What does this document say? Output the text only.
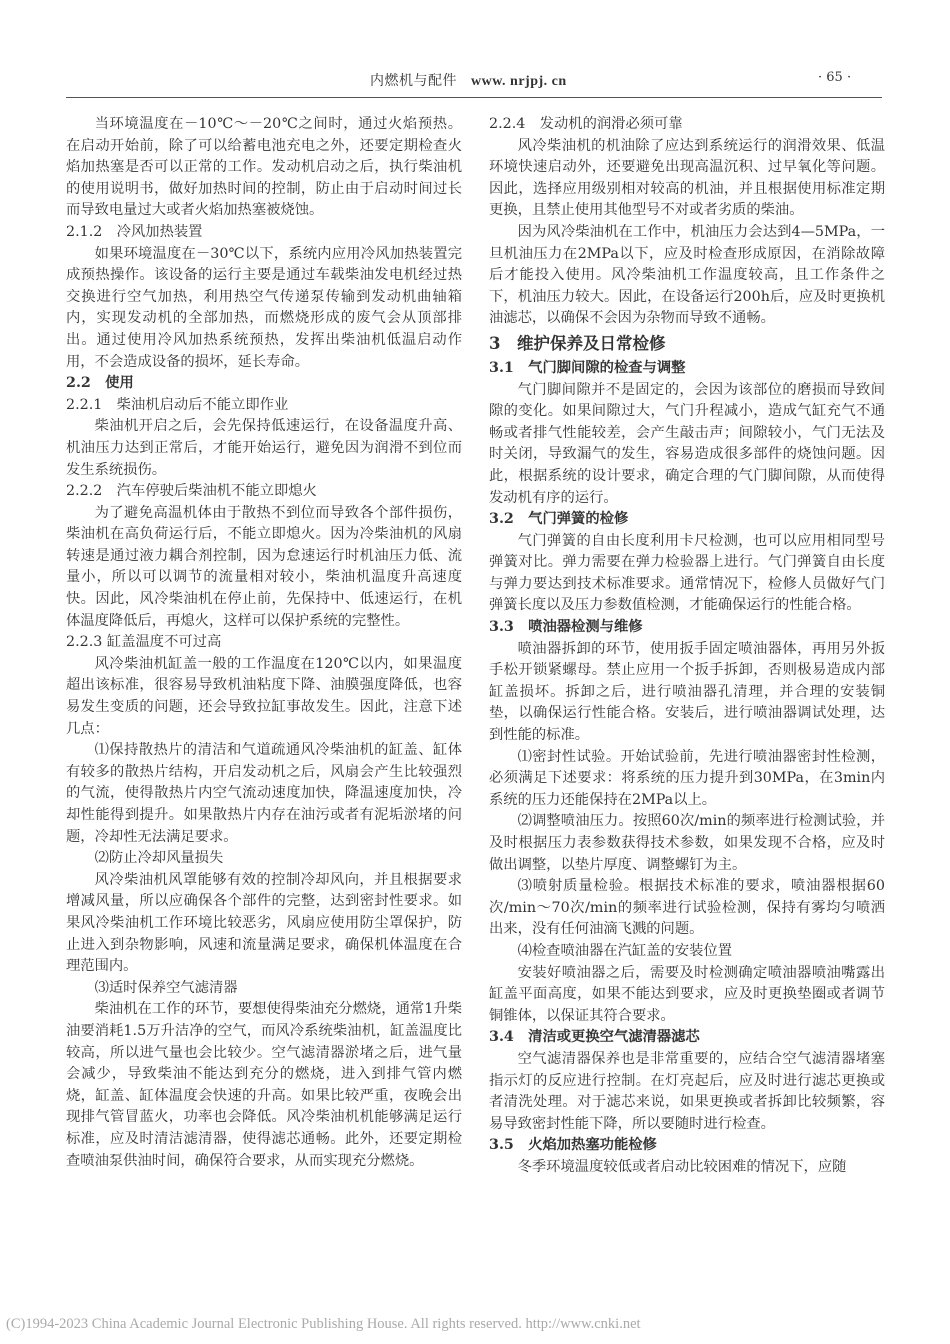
内燃机与配件 www. nrjpj. cn	· 65 ·

当环境温度在－10℃～－20℃之间时，通过火焰预热。在启动开始前，除了可以给蓄电池充电之外，还要定期检查火焰加热塞是否可以正常的工作。发动机启动之后，执行柴油机的使用说明书，做好加热时间的控制，防止由于启动时间过长而导致电量过大或者火焰加热塞被烧蚀。

2.1.2　冷风加热装置

如果环境温度在－30℃以下，系统内应用冷风加热装置完成预热操作。该设备的运行主要是通过车载柴油发电机经过热交换进行空气加热，利用热空气传递泵传输到发动机曲轴箱内，实现发动机的全部加热，而燃烧形成的废气会从顶部排出。通过使用冷风加热系统预热，发挥出柴油机低温启动作用，不会造成设备的损坏，延长寿命。

2.2　使用

2.2.1　柴油机启动后不能立即作业

柴油机开启之后，会先保持低速运行，在设备温度升高、机油压力达到正常后，才能开始运行，避免因为润滑不到位而发生系统损伤。

2.2.2　汽车停驶后柴油机不能立即熄火

为了避免高温机体由于散热不到位而导致各个部件损伤，柴油机在高负荷运行后，不能立即熄火。因为冷柴油机的风扇转速是通过液力耦合剂控制，因为怠速运行时机油压力低、流量小，所以可以调节的流量相对较小，柴油机温度升高速度快。因此，风冷柴油机在停止前，先保持中、低速运行，在机体温度降低后，再熄火，这样可以保护系统的完整性。

2.2.3 缸盖温度不可过高

风冷柴油机缸盖一般的工作温度在120℃以内，如果温度超出该标准，很容易导致机油粘度下降、油膜强度降低，也容易发生变质的问题，还会导致拉缸事故发生。因此，注意下述几点：

⑴保持散热片的清洁和气道疏通风冷柴油机的缸盖、缸体有较多的散热片结构，开启发动机之后，风扇会产生比较强烈的气流，使得散热片内空气流动速度加快，降温速度加快，冷却性能得到提升。如果散热片内存在油污或者有泥垢淤堵的问题，冷却性无法满足要求。

⑵防止冷却风量损失

风冷柴油机风罩能够有效的控制冷却风向，并且根据要求增减风量，所以应确保各个部件的完整，达到密封性要求。如果风冷柴油机工作环境比较恶劣，风扇应使用防尘罩保护，防止进入到杂物影响，风速和流量满足要求，确保机体温度在合理范围内。

⑶适时保养空气滤清器

柴油机在工作的环节，要想使得柴油充分燃烧，通常1升柴油要消耗1.5万升洁净的空气，而风冷系统柴油机，缸盖温度比较高，所以进气量也会比较少。空气滤清器淤堵之后，进气量会减少，导致柴油不能达到充分的燃烧，进入到排气管内燃烧，缸盖、缸体温度会快速的升高。如果比较严重，夜晚会出现排气管冒蓝火，功率也会降低。风冷柴油机机能够满足运行标准，应及时清洁滤清器，使得滤芯通畅。此外，还要定期检查喷油泵供油时间，确保符合要求，从而实现充分燃烧。

2.2.4　发动机的润滑必须可靠

风冷柴油机的机油除了应达到系统运行的润滑效果、低温环境快速启动外，还要避免出现高温沉积、过早氧化等问题。因此，选择应用级别相对较高的机油，并且根据使用标准定期更换，且禁止使用其他型号不对或者劣质的柴油。

因为风冷柴油机在工作中，机油压力会达到4—5MPa，一旦机油压力在2MPa以下，应及时检查形成原因，在消除故障后才能投入使用。风冷柴油机工作温度较高，且工作条件之下，机油压力较大。因此，在设备运行200h后，应及时更换机油滤芯，以确保不会因为杂物而导致不通畅。

3　维护保养及日常检修

3.1　气门脚间隙的检查与调整

气门脚间隙并不是固定的，会因为该部位的磨损而导致间隙的变化。如果间隙过大，气门升程减小，造成气缸充气不通畅或者排气性能较差，会产生敲击声；间隙较小，气门无法及时关闭，导致漏气的发生，容易造成很多部件的烧蚀问题。因此，根据系统的设计要求，确定合理的气门脚间隙，从而使得发动机有序的运行。

3.2　气门弹簧的检修

气门弹簧的自由长度利用卡尺检测，也可以应用相同型号弹簧对比。弹力需要在弹力检验器上进行。气门弹簧自由长度与弹力要达到技术标准要求。通常情况下，检修人员做好气门弹簧长度以及压力参数值检测，才能确保运行的性能合格。

3.3　喷油器检测与维修

喷油器拆卸的环节，使用扳手固定喷油器体，再用另外扳手松开锁紧螺母。禁止应用一个扳手拆卸，否则极易造成内部缸盖损坏。拆卸之后，进行喷油器孔清理，并合理的安装铜垫，以确保运行性能合格。安装后，进行喷油器调试处理，达到性能的标准。

⑴密封性试验。开始试验前，先进行喷油器密封性检测，必须满足下述要求：将系统的压力提升到30MPa，在3min内系统的压力还能保持在2MPa以上。

⑵调整喷油压力。按照60次/min的频率进行检测试验，并及时根据压力表参数获得技术参数，如果发现不合格，应及时做出调整，以垫片厚度、调整螺钉为主。

⑶喷射质量检验。根据技术标准的要求，喷油器根据60次/min～70次/min的频率进行试验检测，保持有雾均匀喷洒出来，没有任何油滴飞溅的问题。

⑷检查喷油器在汽缸盖的安装位置

安装好喷油器之后，需要及时检测确定喷油器喷油嘴露出缸盖平面高度，如果不能达到要求，应及时更换垫圈或者调节铜锥体，以保证其符合要求。

3.4　清洁或更换空气滤清器滤芯

空气滤清器保养也是非常重要的，应结合空气滤清器堵塞指示灯的反应进行控制。在灯亮起后，应及时进行滤芯更换或者清洗处理。对于滤芯来说，如果更换或者拆卸比较频繁，容易导致密封性能下降，所以要随时进行检查。

3.5　火焰加热塞功能检修

冬季环境温度较低或者启动比较困难的情况下，应随

(C)1994-2023 China Academic Journal Electronic Publishing House. All rights reserved. http://www.cnki.net
